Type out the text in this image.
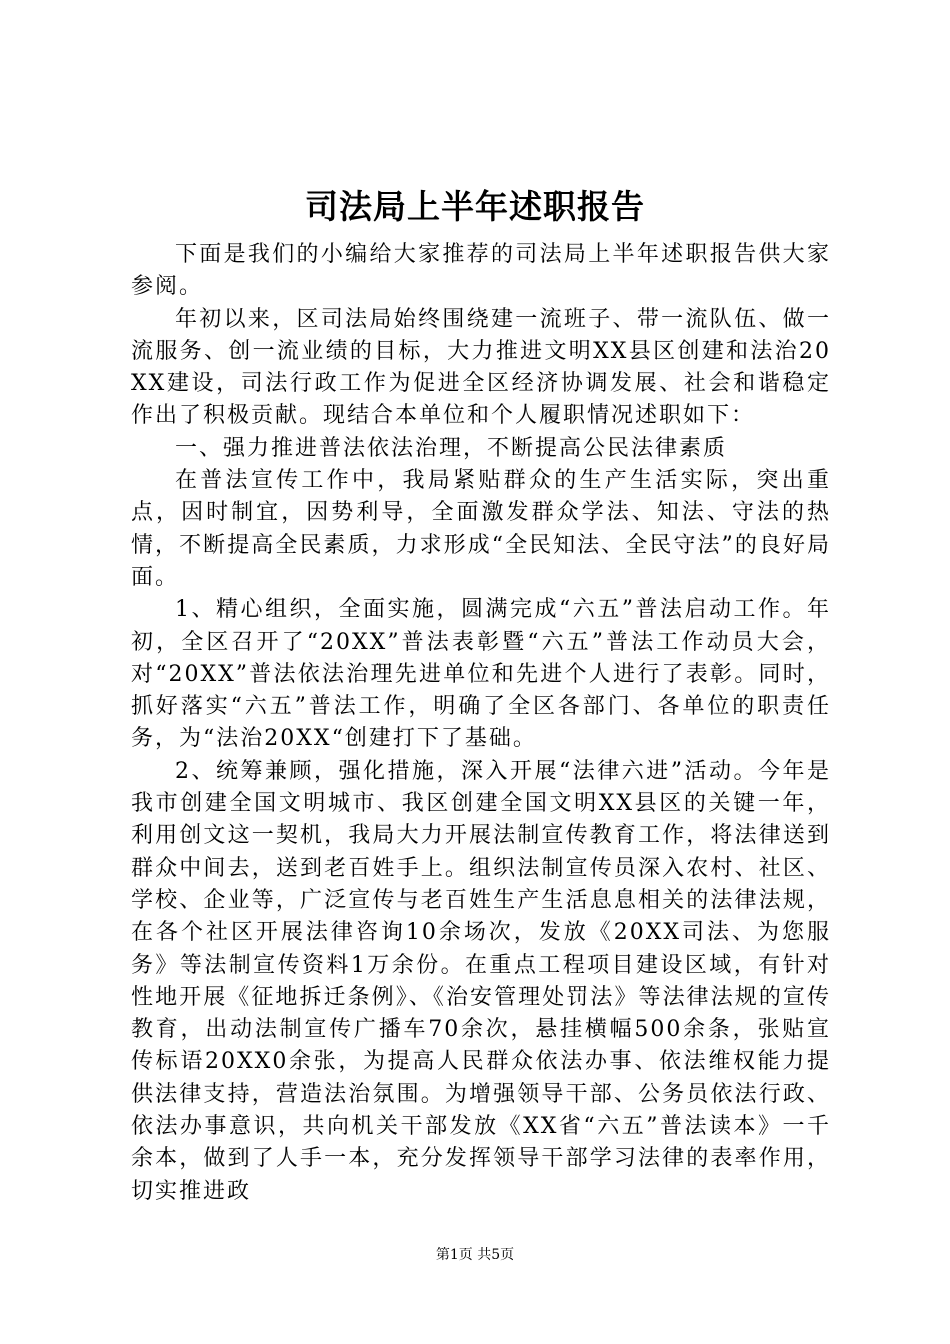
司法局上半年述职报告

下面是我们的小编给大家推荐的司法局上半年述职报告供大家参阅。

年初以来，区司法局始终围绕建一流班子、带一流队伍、做一流服务、创一流业绩的目标，大力推进文明XX县区创建和法治20XX建设，司法行政工作为促进全区经济协调发展、社会和谐稳定作出了积极贡献。现结合本单位和个人履职情况述职如下：

一、强力推进普法依法治理，不断提高公民法律素质

在普法宣传工作中，我局紧贴群众的生产生活实际，突出重点，因时制宜，因势利导，全面激发群众学法、知法、守法的热情，不断提高全民素质，力求形成“全民知法、全民守法”的良好局面。

1、精心组织，全面实施，圆满完成“六五”普法启动工作。年初，全区召开了“20XX”普法表彰暨“六五”普法工作动员大会，对“20XX”普法依法治理先进单位和先进个人进行了表彰。同时，抓好落实“六五”普法工作，明确了全区各部门、各单位的职责任务，为“法治20XX“创建打下了基础。

2、统筹兼顾，强化措施，深入开展“法律六进”活动。今年是我市创建全国文明城市、我区创建全国文明XX县区的关键一年，利用创文这一契机，我局大力开展法制宣传教育工作，将法律送到群众中间去，送到老百姓手上。组织法制宣传员深入农村、社区、学校、企业等，广泛宣传与老百姓生产生活息息相关的法律法规，在各个社区开展法律咨询10余场次，发放《20XX司法、为您服务》等法制宣传资料1万余份。在重点工程项目建设区域，有针对性地开展《征地拆迁条例》、《治安管理处罚法》等法律法规的宣传教育，出动法制宣传广播车70余次，悬挂横幅500余条，张贴宣传标语20XX0余张，为提高人民群众依法办事、依法维权能力提供法律支持，营造法治氛围。为增强领导干部、公务员依法行政、依法办事意识，共向机关干部发放《XX省“六五”普法读本》一千余本，做到了人手一本，充分发挥领导干部学习法律的表率作用，切实推进政

第1页 共5页
